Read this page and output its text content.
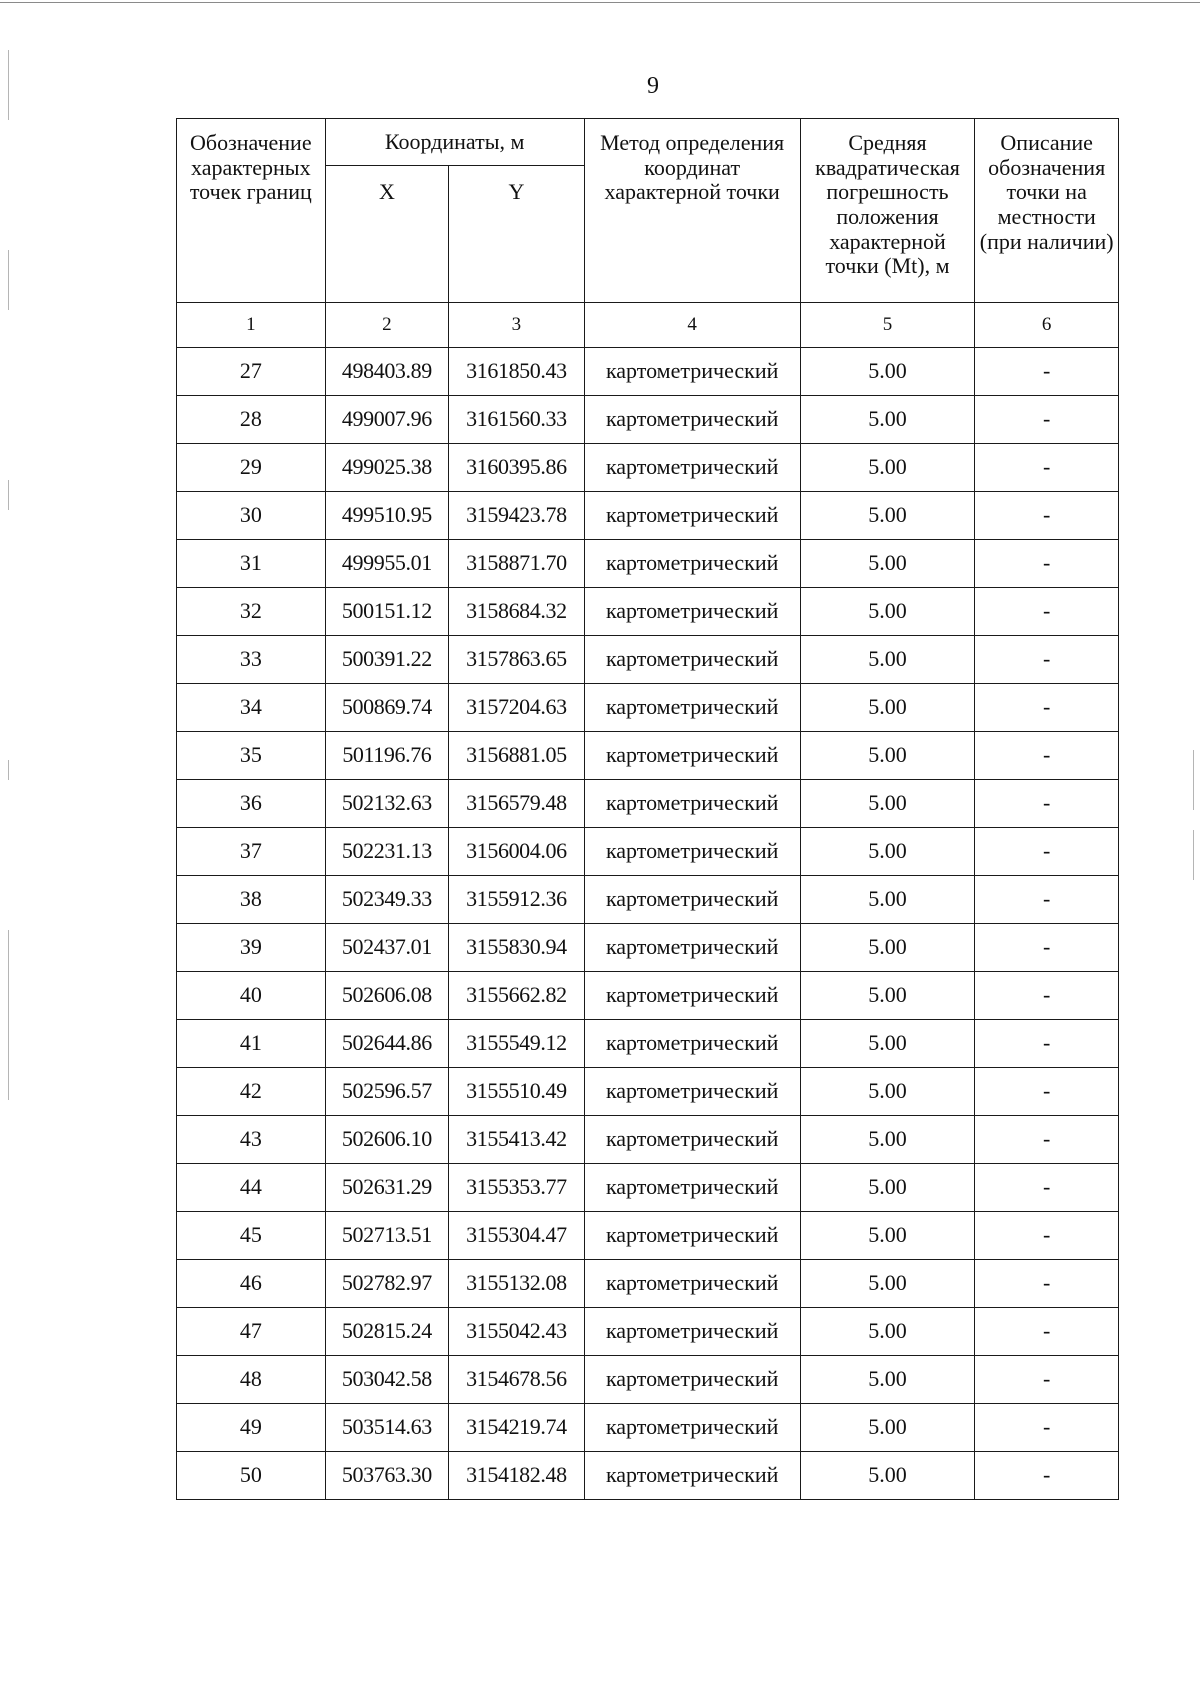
9
Обозначение характерных точек границ	Координаты, м		Метод определения координат характерной точки	Средняя квадратическая погрешность положения характерной точки (Mt), м	Описание обозначения точки на местности (при наличии)
	X	Y			
1	2	3	4	5	6
27	498403.89	3161850.43	картометрический	5.00	-
28	499007.96	3161560.33	картометрический	5.00	-
29	499025.38	3160395.86	картометрический	5.00	-
30	499510.95	3159423.78	картометрический	5.00	-
31	499955.01	3158871.70	картометрический	5.00	-
32	500151.12	3158684.32	картометрический	5.00	-
33	500391.22	3157863.65	картометрический	5.00	-
34	500869.74	3157204.63	картометрический	5.00	-
35	501196.76	3156881.05	картометрический	5.00	-
36	502132.63	3156579.48	картометрический	5.00	-
37	502231.13	3156004.06	картометрический	5.00	-
38	502349.33	3155912.36	картометрический	5.00	-
39	502437.01	3155830.94	картометрический	5.00	-
40	502606.08	3155662.82	картометрический	5.00	-
41	502644.86	3155549.12	картометрический	5.00	-
42	502596.57	3155510.49	картометрический	5.00	-
43	502606.10	3155413.42	картометрический	5.00	-
44	502631.29	3155353.77	картометрический	5.00	-
45	502713.51	3155304.47	картометрический	5.00	-
46	502782.97	3155132.08	картометрический	5.00	-
47	502815.24	3155042.43	картометрический	5.00	-
48	503042.58	3154678.56	картометрический	5.00	-
49	503514.63	3154219.74	картометрический	5.00	-
50	503763.30	3154182.48	картометрический	5.00	-
